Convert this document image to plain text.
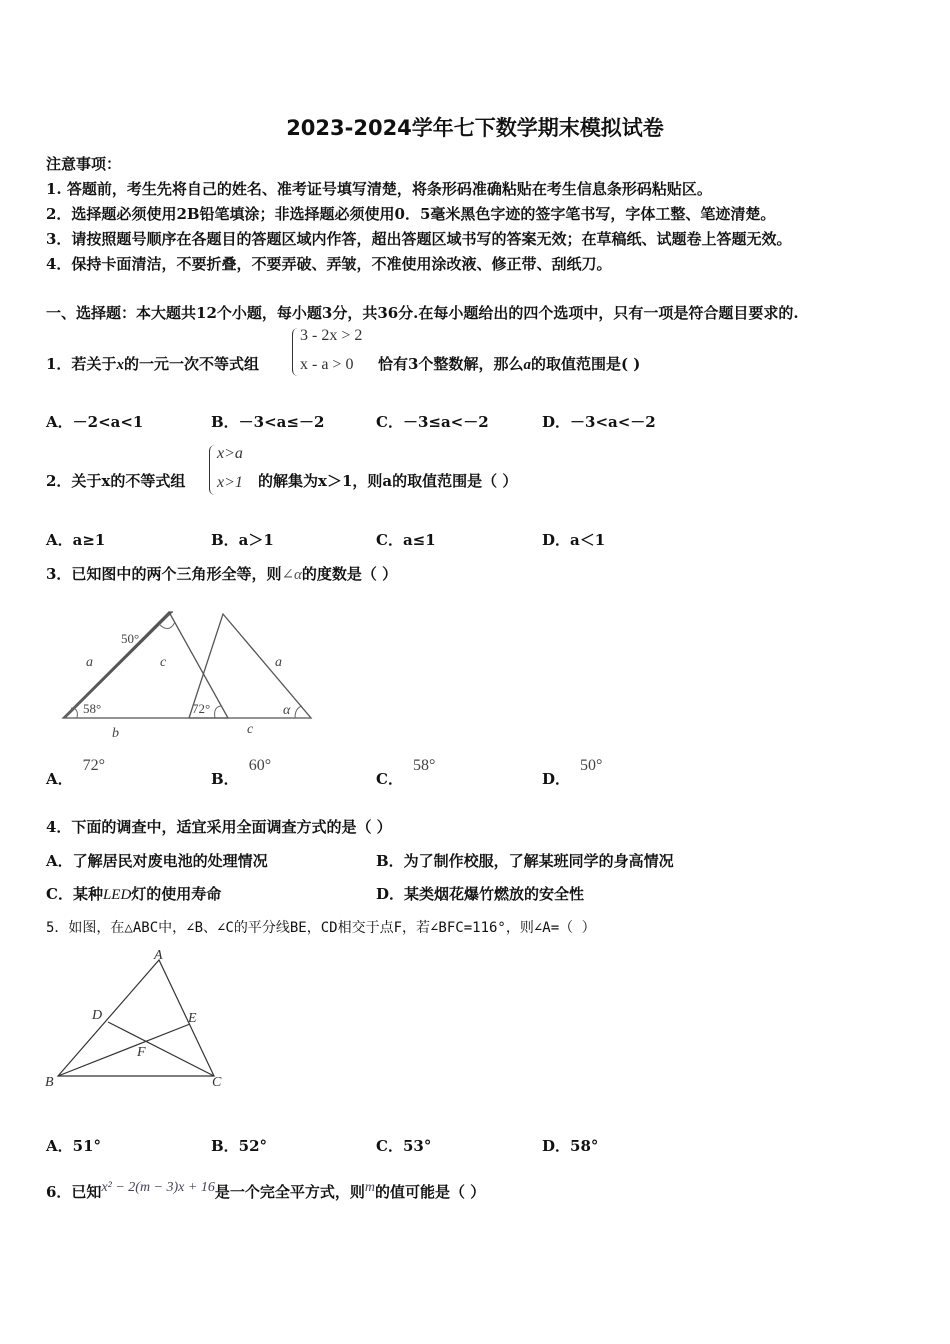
2023-2024学年七下数学期末模拟试卷
注意事项：
1. 答题前，考生先将自己的姓名、准考证号填写清楚，将条形码准确粘贴在考生信息条形码粘贴区。
2．选择题必须使用2B铅笔填涂；非选择题必须使用0．5毫米黑色字迹的签字笔书写，字体工整、笔迹清楚。
3．请按照题号顺序在各题目的答题区域内作答，超出答题区域书写的答案无效；在草稿纸、试题卷上答题无效。
4．保持卡面清洁，不要折叠，不要弄破、弄皱，不准使用涂改液、修正带、刮纸刀。
一、选择题：本大题共12个小题，每小题3分，共36分.在每小题给出的四个选项中，只有一项是符合题目要求的.
1．若关于x的一元一次不等式组
3 - 2x > 2
x - a > 0 恰有3个整数解，那么a的取值范围是( )
A．－2<a<1	B．－3<a≤－2	C．－3≤a<－2	D．－3<a<－2
2．关于x的不等式组
x>a
x>1 的解集为x＞1，则a的取值范围是（ ）
A．a≥1	B．a＞1	C．a≤1	D．a＜1
3．已知图中的两个三角形全等，则∠α的度数是（ ）
50°
58°	72°
a	c
b
a
α
c
A．72°
B．60°
C．58°
D．50°
4．下面的调查中，适宜采用全面调查方式的是（ ）
A．了解居民对废电池的处理情况	B．为了制作校服，了解某班同学的身高情况
C．某种LED灯的使用寿命	D．某类烟花爆竹燃放的安全性
5．如图，在△ABC中，∠B、∠C的平分线BE，CD相交于点F，若∠BFC=116°，则∠A=（ ）
A
B	C
D	E
F
A．51°	B．52°	C．53°	D．58°
6．已知x² − 2(m − 3)x + 16是一个完全平方式，则m的值可能是（ ）
